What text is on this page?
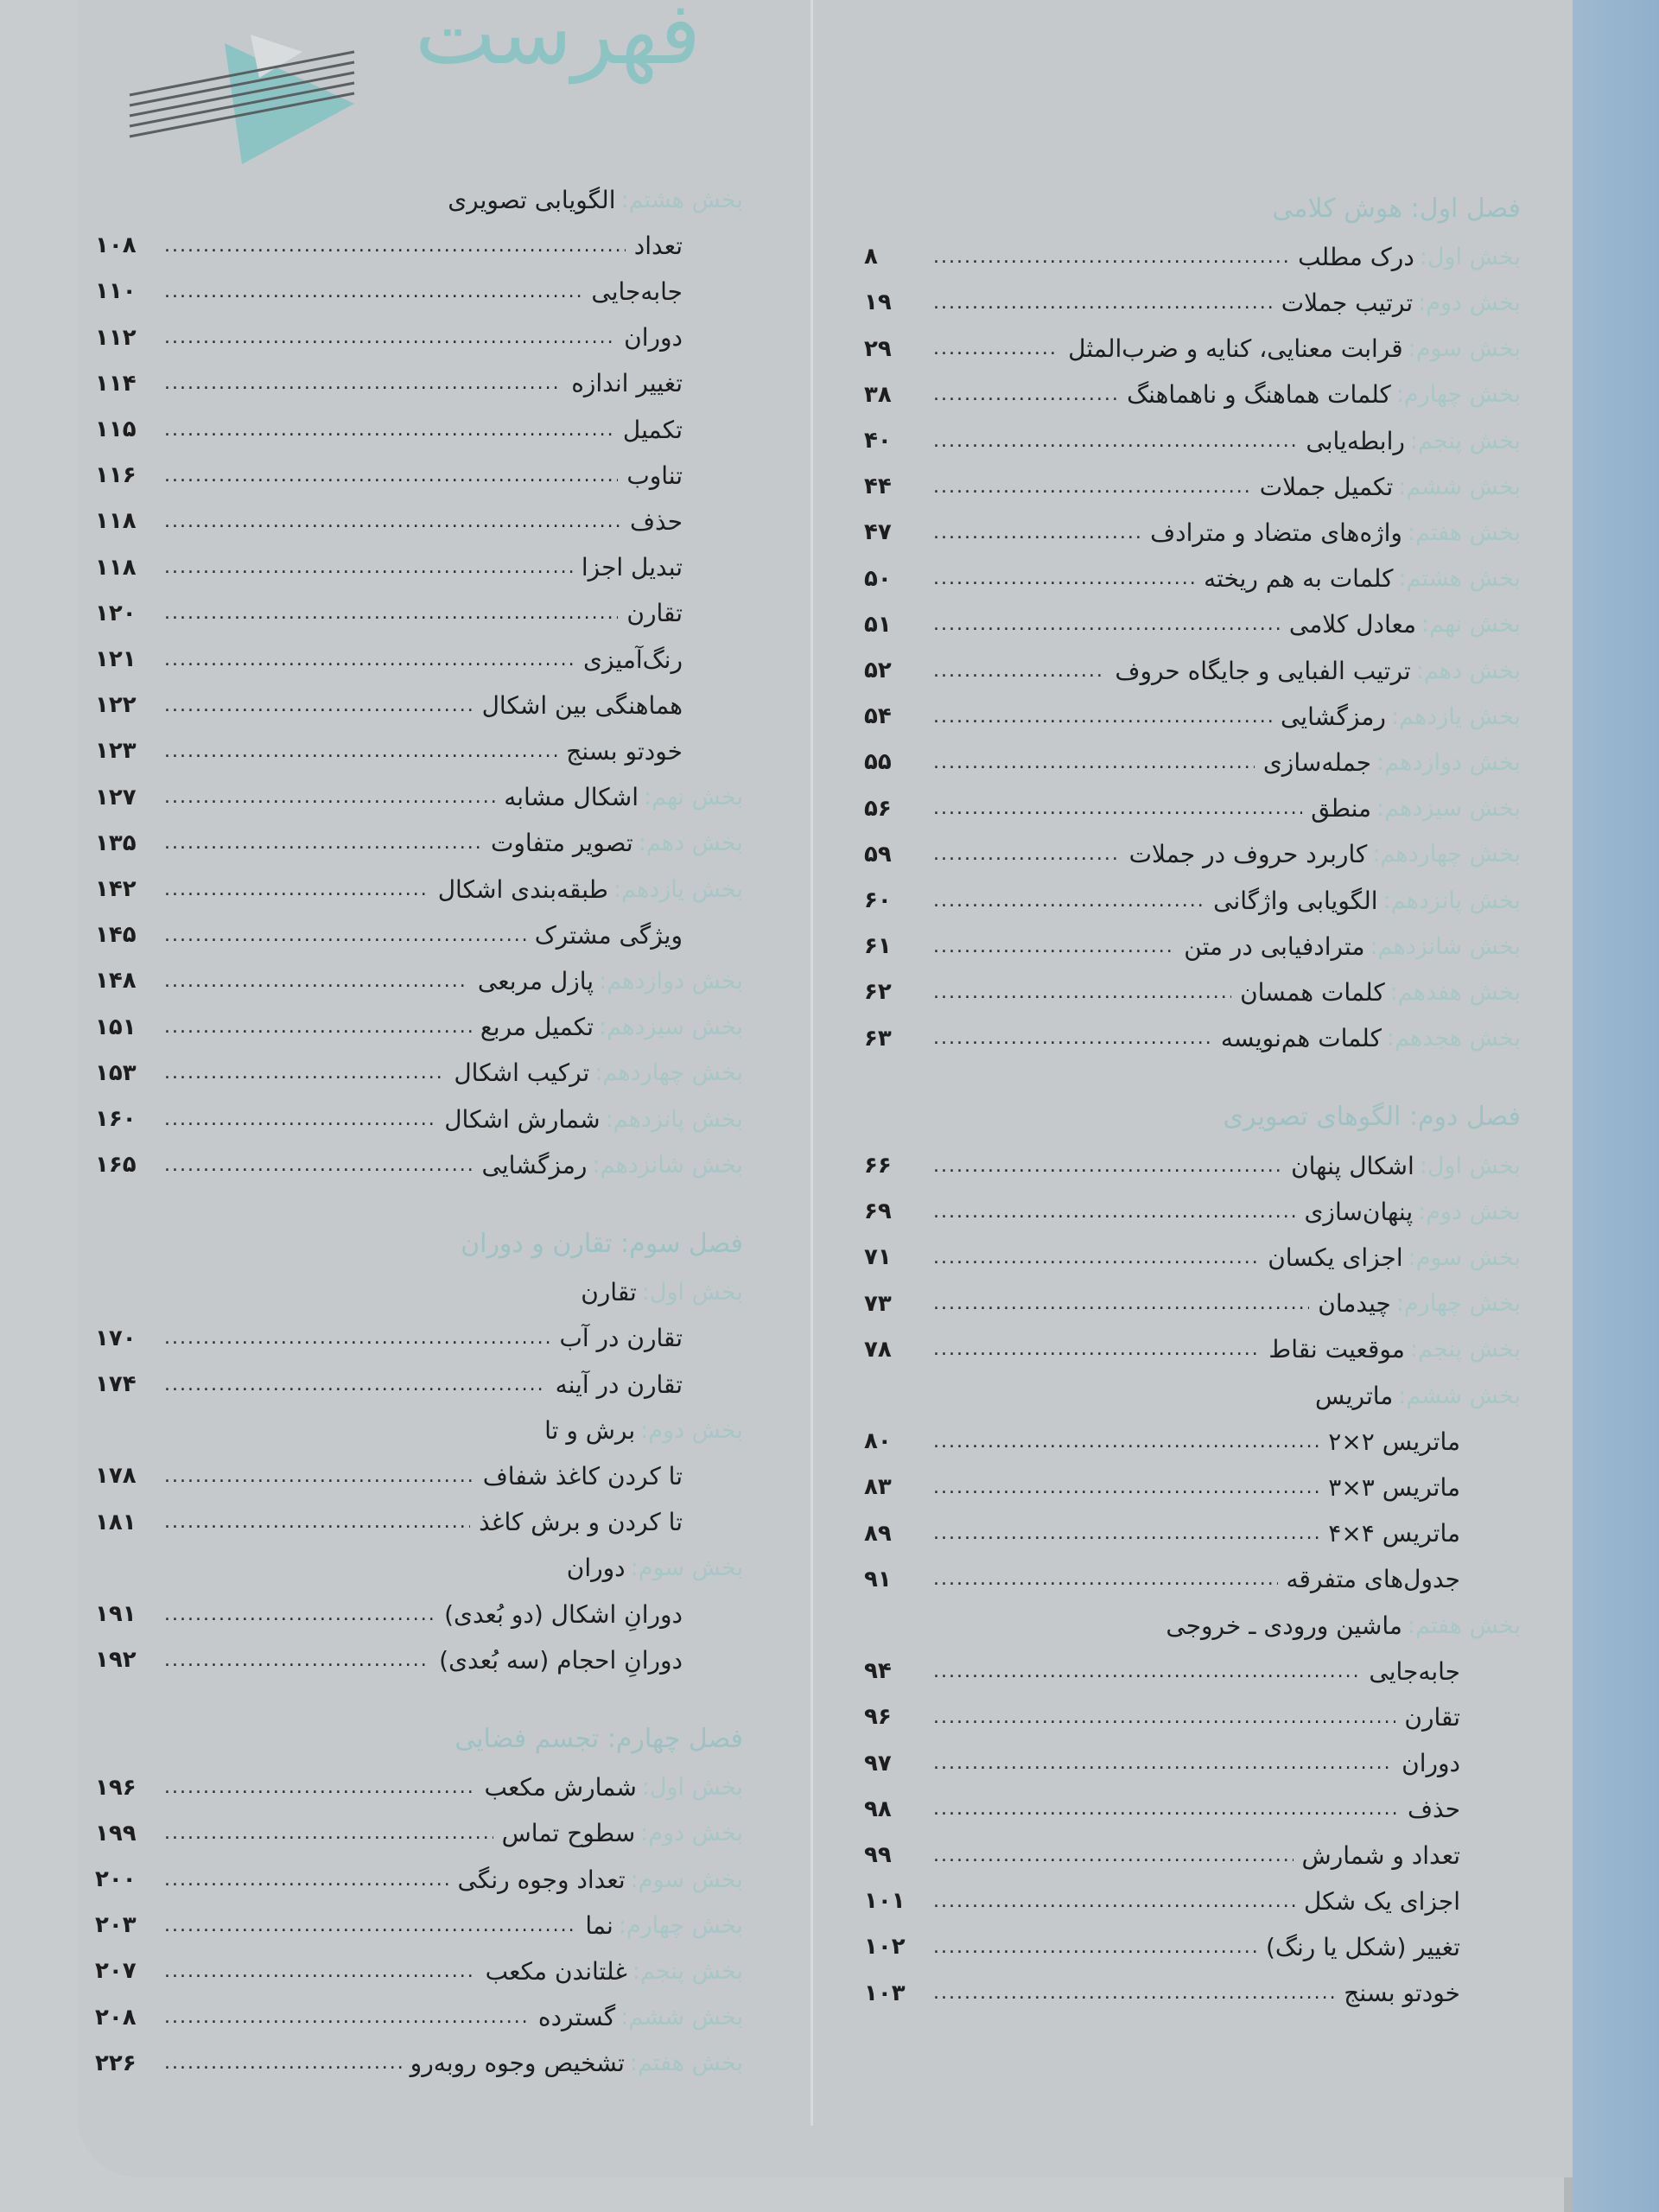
فهرست
فصل اول: هوش کلامی
بخش اول:
درک مطلب
.....
۸
بخش دوم:
ترتیب جملات
.....
۱۹
بخش سوم:
قرابت معنایی، کنایه و ضرب‌المثل
.....
۲۹
بخش چهارم:
کلمات هماهنگ و ناهماهنگ
.....
۳۸
بخش پنجم:
رابطه‌یابی
.....
۴۰
بخش ششم:
تکمیل جملات
.....
۴۴
بخش هفتم:
واژه‌های متضاد و مترادف
.....
۴۷
بخش هشتم:
کلمات به هم ریخته
.....
۵۰
بخش نهم:
معادل کلامی
.....
۵۱
بخش دهم:
ترتیب الفبایی و جایگاه حروف
.....
۵۲
بخش یازدهم:
رمزگشایی
.....
۵۴
بخش دوازدهم:
جمله‌سازی
.....
۵۵
بخش سیزدهم:
منطق
.....
۵۶
بخش چهاردهم:
کاربرد حروف در جملات
.....
۵۹
بخش پانزدهم:
الگویابی واژگانی
.....
۶۰
بخش شانزدهم:
مترادفیابی در متن
.....
۶۱
بخش هفدهم:
کلمات همسان
.....
۶۲
بخش هجدهم:
کلمات هم‌نویسه
.....
۶۳
فصل دوم: الگوهای تصویری
بخش اول:
اشکال پنهان
.....
۶۶
بخش دوم:
پنهان‌سازی
.....
۶۹
بخش سوم:
اجزای یکسان
.....
۷۱
بخش چهارم:
چیدمان
.....
۷۳
بخش پنجم:
موقعیت نقاط
.....
۷۸
بخش ششم:
ماتریس
ماتریس ۲×۲
.....
۸۰
ماتریس ۳×۳
.....
۸۳
ماتریس ۴×۴
.....
۸۹
جدول‌های متفرقه
.....
۹۱
بخش هفتم:
ماشین ورودی ـ خروجی
جابه‌جایی
.....
۹۴
تقارن
.....
۹۶
دوران
.....
۹۷
حذف
.....
۹۸
تعداد و شمارش
.....
۹۹
اجزای یک شکل
.....
۱۰۱
تغییر (شکل یا رنگ)
.....
۱۰۲
خودتو بسنج
.....
۱۰۳
بخش هشتم:
الگویابی تصویری
تعداد
.....
۱۰۸
جابه‌جایی
.....
۱۱۰
دوران
.....
۱۱۲
تغییر اندازه
.....
۱۱۴
تکمیل
.....
۱۱۵
تناوب
.....
۱۱۶
حذف
.....
۱۱۸
تبدیل اجزا
.....
۱۱۸
تقارن
.....
۱۲۰
رنگ‌آمیزی
.....
۱۲۱
هماهنگی بین اشکال
.....
۱۲۲
خودتو بسنج
.....
۱۲۳
بخش نهم:
اشکال مشابه
.....
۱۲۷
بخش دهم:
تصویر متفاوت
.....
۱۳۵
بخش یازدهم:
طبقه‌بندی اشکال
.....
۱۴۲
ویژگی مشترک
.....
۱۴۵
بخش دوازدهم:
پازل مربعی
.....
۱۴۸
بخش سیزدهم:
تکمیل مربع
.....
۱۵۱
بخش چهاردهم:
ترکیب اشکال
.....
۱۵۳
بخش پانزدهم:
شمارش اشکال
.....
۱۶۰
بخش شانزدهم:
رمزگشایی
.....
۱۶۵
فصل سوم: تقارن و دوران
بخش اول:
تقارن
تقارن در آب
.....
۱۷۰
تقارن در آینه
.....
۱۷۴
بخش دوم:
برش و تا
تا کردن کاغذ شفاف
.....
۱۷۸
تا کردن و برش کاغذ
.....
۱۸۱
بخش سوم:
دوران
دورانِ اشکال (دو بُعدی)
.....
۱۹۱
دورانِ احجام (سه بُعدی)
.....
۱۹۲
فصل چهارم: تجسم فضایی
بخش اول:
شمارش مکعب
.....
۱۹۶
بخش دوم:
سطوح تماس
.....
۱۹۹
بخش سوم:
تعداد وجوه رنگی
.....
۲۰۰
بخش چهارم:
نما
.....
۲۰۳
بخش پنجم:
غلتاندن مکعب
.....
۲۰۷
بخش ششم:
گسترده
.....
۲۰۸
بخش هفتم:
تشخیص وجوه روبه‌رو
.....
۲۲۶
